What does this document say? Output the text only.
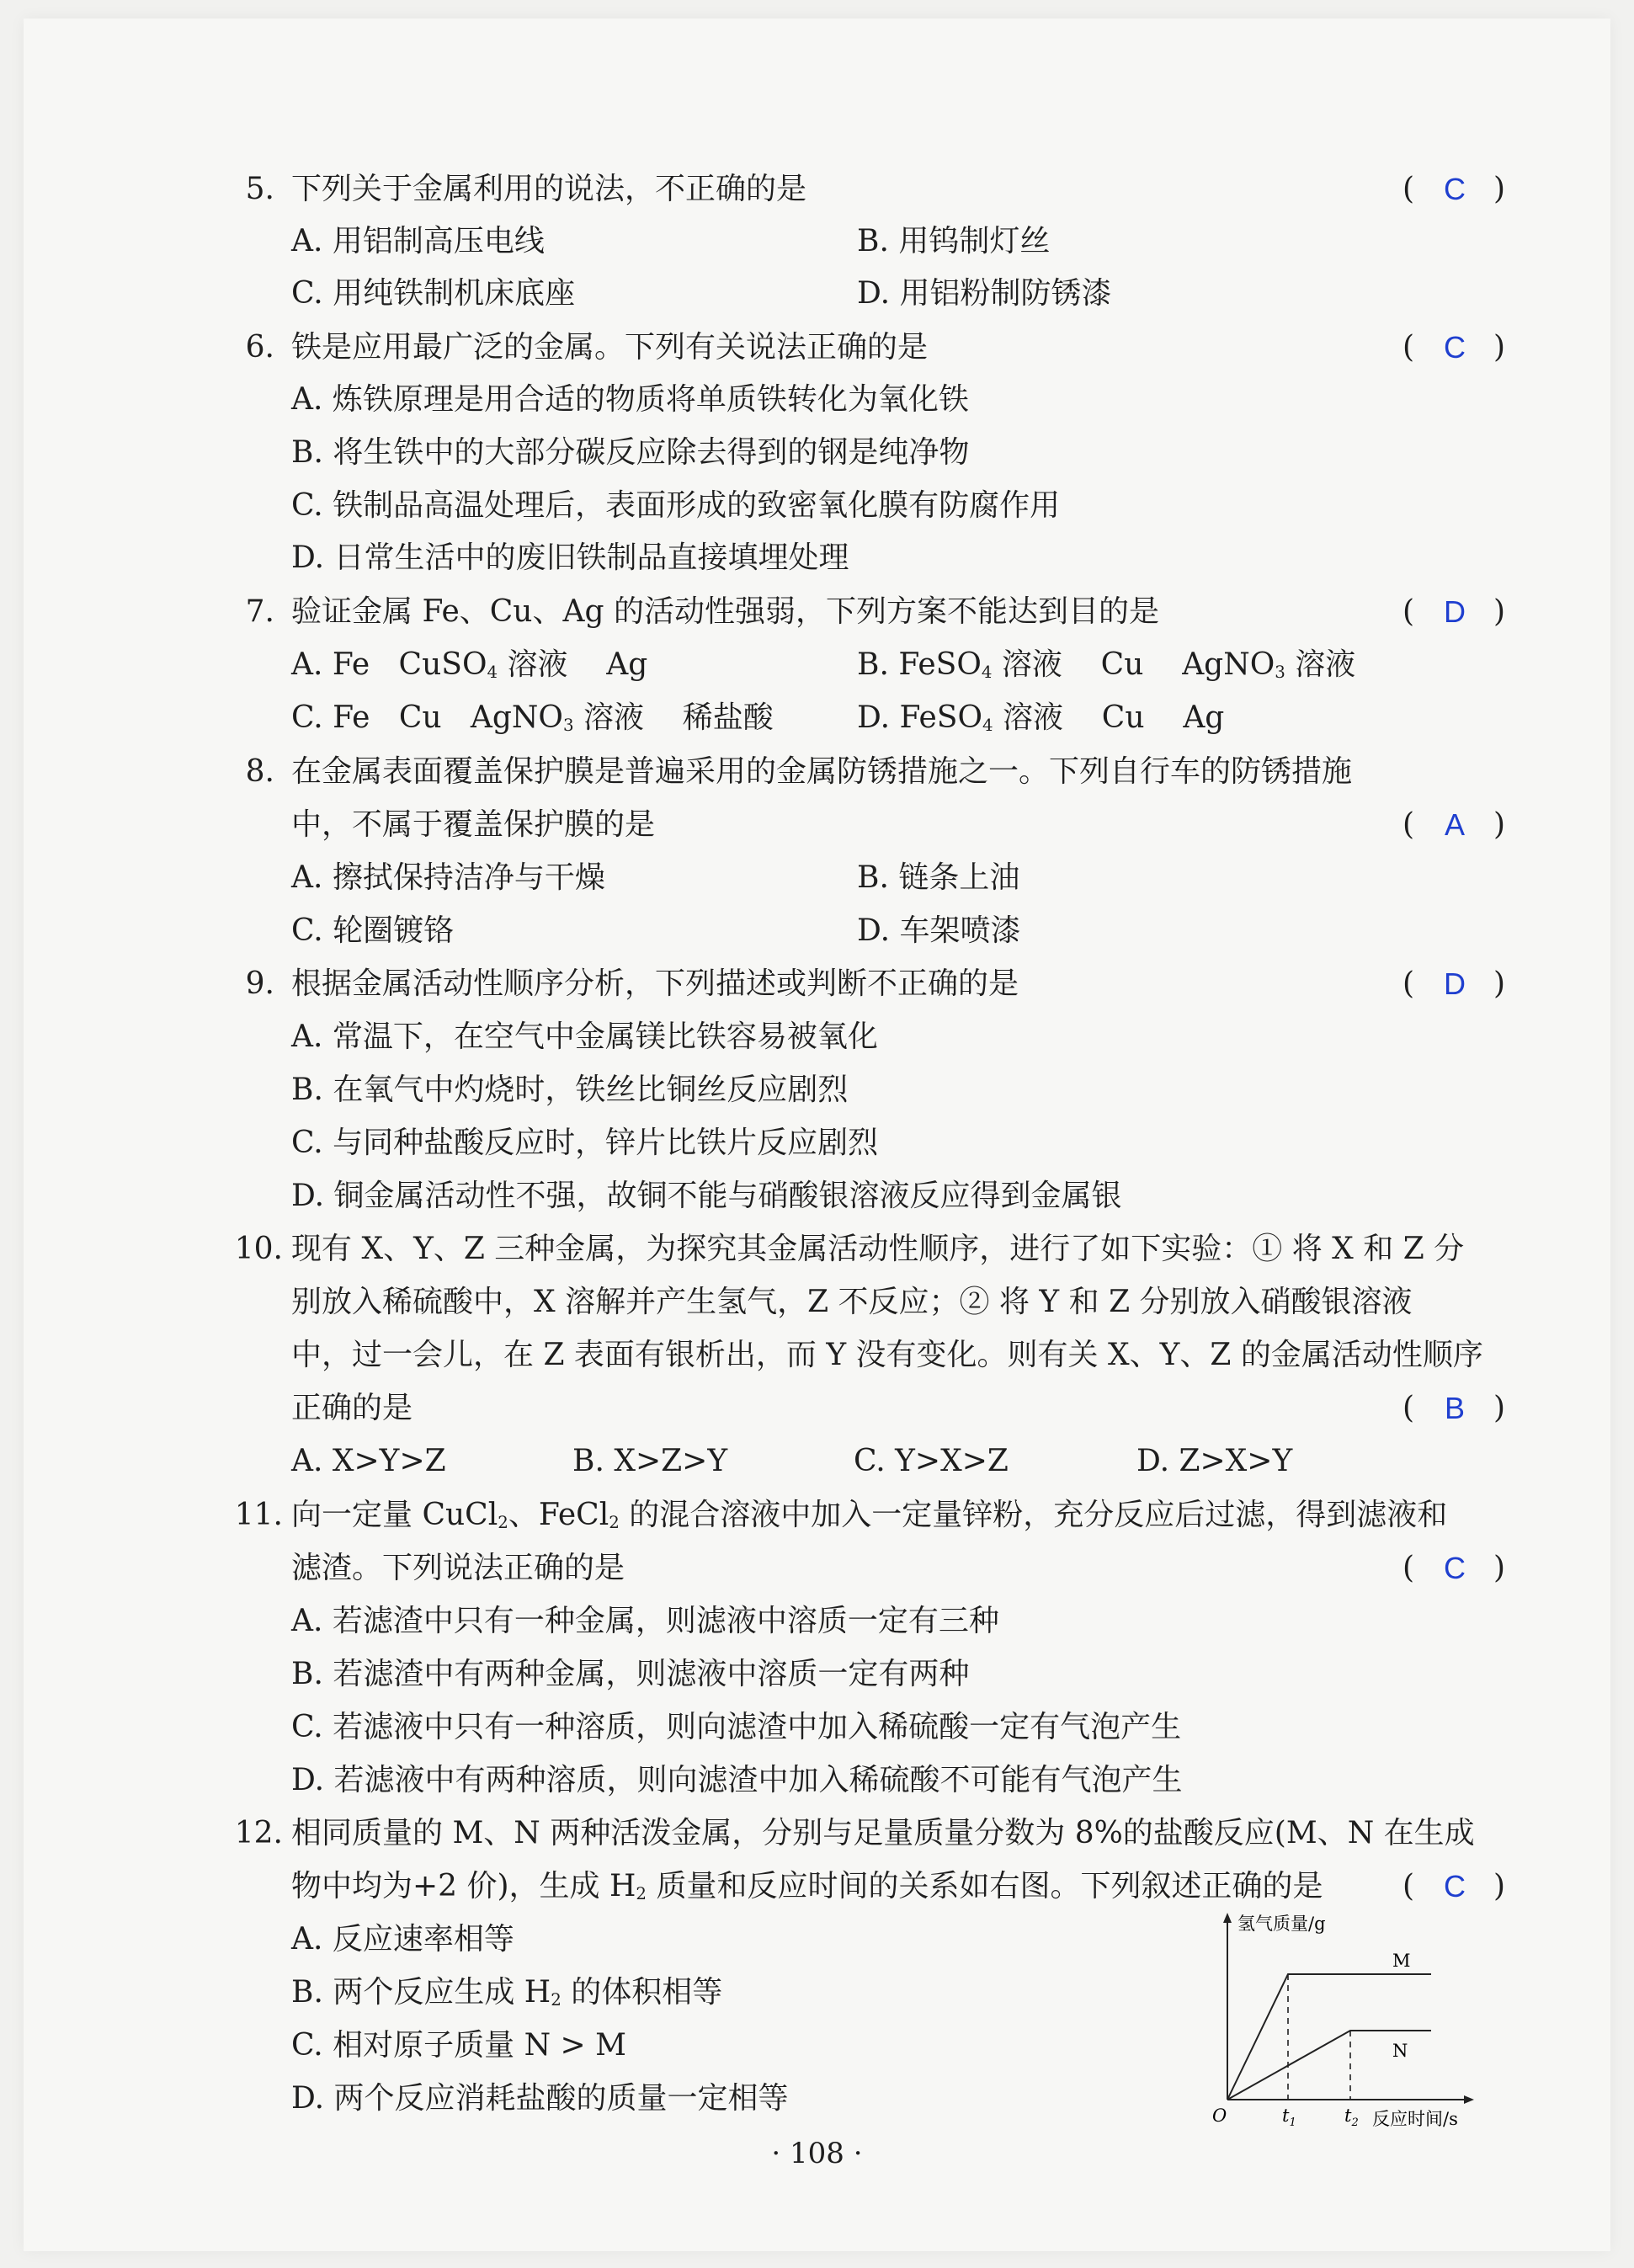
5. 下列关于金属利用的说法，不正确的是	( C )
A. 用铝制高压电线	B. 用钨制灯丝
C. 用纯铁制机床底座	D. 用铝粉制防锈漆
6. 铁是应用最广泛的金属。下列有关说法正确的是	( C )
A. 炼铁原理是用合适的物质将单质铁转化为氧化铁
B. 将生铁中的大部分碳反应除去得到的钢是纯净物
C. 铁制品高温处理后，表面形成的致密氧化膜有防腐作用
D. 日常生活中的废旧铁制品直接填埋处理
7. 验证金属 Fe、Cu、Ag 的活动性强弱，下列方案不能达到目的是	( D )
A. Fe CuSO$_4$ 溶液 Ag	B. FeSO$_4$ 溶液 Cu AgNO$_3$ 溶液
C. Fe Cu AgNO$_3$ 溶液 稀盐酸	D. FeSO$_4$ 溶液 Cu Ag
8. 在金属表面覆盖保护膜是普遍采用的金属防锈措施之一。下列自行车的防锈措施
中，不属于覆盖保护膜的是	( A )
A. 擦拭保持洁净与干燥	B. 链条上油
C. 轮圈镀铬	D. 车架喷漆
9. 根据金属活动性顺序分析，下列描述或判断不正确的是	( D )
A. 常温下，在空气中金属镁比铁容易被氧化
B. 在氧气中灼烧时，铁丝比铜丝反应剧烈
C. 与同种盐酸反应时，锌片比铁片反应剧烈
D. 铜金属活动性不强，故铜不能与硝酸银溶液反应得到金属银
10. 现有 X、Y、Z 三种金属，为探究其金属活动性顺序，进行了如下实验：① 将 X 和 Z 分
别放入稀硫酸中，X 溶解并产生氢气，Z 不反应；② 将 Y 和 Z 分别放入硝酸银溶液
中，过一会儿，在 Z 表面有银析出，而 Y 没有变化。则有关 X、Y、Z 的金属活动性顺序
正确的是	( B )
A. X>Y>Z	B. X>Z>Y	C. Y>X>Z	D. Z>X>Y
11. 向一定量 CuCl$_2$、FeCl$_2$ 的混合溶液中加入一定量锌粉，充分反应后过滤，得到滤液和
滤渣。下列说法正确的是	( C )
A. 若滤渣中只有一种金属，则滤液中溶质一定有三种
B. 若滤渣中有两种金属，则滤液中溶质一定有两种
C. 若滤液中只有一种溶质，则向滤渣中加入稀硫酸一定有气泡产生
D. 若滤液中有两种溶质，则向滤渣中加入稀硫酸不可能有气泡产生
12. 相同质量的 M、N 两种活泼金属，分别与足量质量分数为 8%的盐酸反应(M、N 在生成
物中均为+2 价)，生成 $H_2$ 质量和反应时间的关系如右图。下列叙述正确的是	( C )
A. 反应速率相等
B. 两个反应生成 $H_2$ 的体积相等
C. 相对原子质量 N > M
D. 两个反应消耗盐酸的质量一定相等
氢气质量/g
反应时间/s
O	$t_1$	$t_2$
M
N
· 108 ·
